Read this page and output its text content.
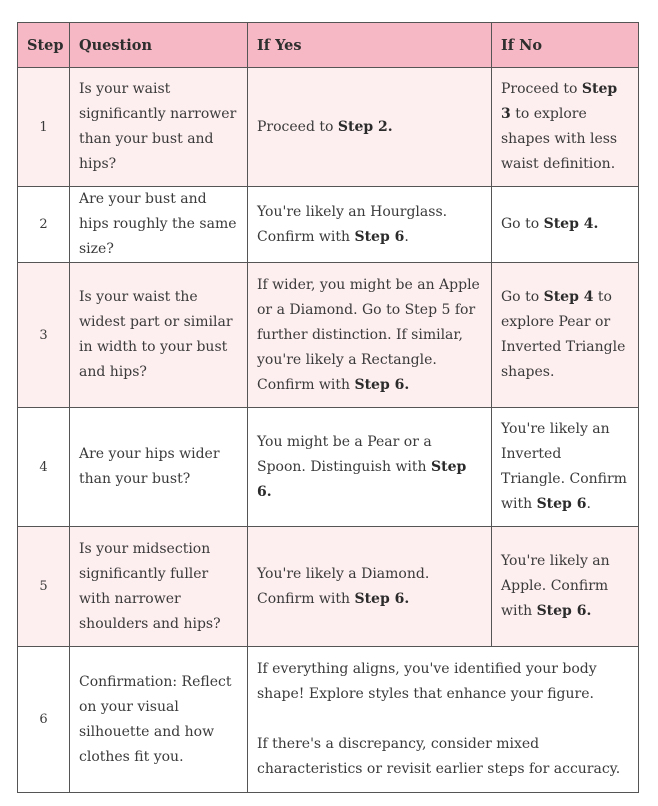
Step	Question	If Yes	If No
1	Is your waist significantly narrower than your bust and hips?	Proceed to Step 2.	Proceed to Step 3 to explore shapes with less waist definition.
2	Are your bust and hips roughly the same size?	You're likely an Hourglass. Confirm with Step 6.	Go to Step 4.
3	Is your waist the widest part or similar in width to your bust and hips?	If wider, you might be an Apple or a Diamond. Go to Step 5 for further distinction. If similar, you're likely a Rectangle. Confirm with Step 6.	Go to Step 4 to explore Pear or Inverted Triangle shapes.
4	Are your hips wider than your bust?	You might be a Pear or a Spoon. Distinguish with Step 6.	You're likely an Inverted Triangle. Confirm with Step 6.
5	Is your midsection significantly fuller with narrower shoulders and hips?	You're likely a Diamond. Confirm with Step 6.	You're likely an Apple. Confirm with Step 6.
6	Confirmation: Reflect on your visual silhouette and how clothes fit you.	If everything aligns, you've identified your body shape! Explore styles that enhance your figure.
If there's a discrepancy, consider mixed characteristics or revisit earlier steps for accuracy.	
